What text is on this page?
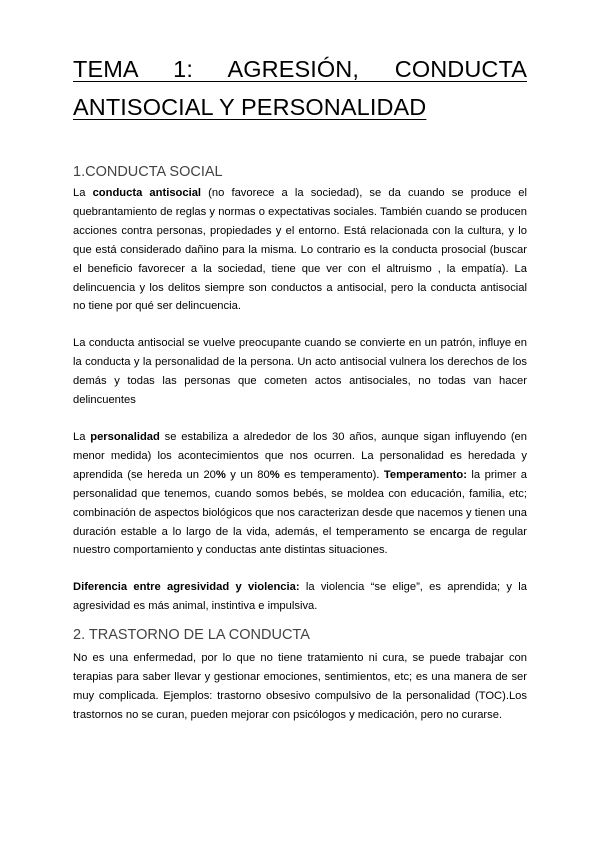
TEMA 1: AGRESIÓN, CONDUCTA
ANTISOCIAL Y PERSONALIDAD
1.CONDUCTA SOCIAL

La conducta antisocial (no favorece a la sociedad), se da cuando se produce el quebrantamiento de reglas y normas o expectativas sociales. También cuando se producen acciones contra personas, propiedades y el entorno. Está relacionada con la cultura, y lo que está considerado dañino para la misma. Lo contrario es la conducta prosocial (buscar el beneficio favorecer a la sociedad, tiene que ver con el altruismo , la empatía). La delincuencia y los delitos siempre son conductos a antisocial, pero la conducta antisocial no tiene por qué ser delincuencia.

La conducta antisocial se vuelve preocupante cuando se convierte en un patrón, influye en la conducta y la personalidad de la persona. Un acto antisocial vulnera los derechos de los demás y todas las personas que cometen actos antisociales, no todas van hacer delincuentes

La personalidad se estabiliza a alrededor de los 30 años, aunque sigan influyendo (en menor medida) los acontecimientos que nos ocurren. La personalidad es heredada y aprendida (se hereda un 20% y un 80% es temperamento). Temperamento: la primer a personalidad que tenemos, cuando somos bebés, se moldea con educación, familia, etc; combinación de aspectos biológicos que nos caracterizan desde que nacemos y tienen una duración estable a lo largo de la vida, además, el temperamento se encarga de regular nuestro comportamiento y conductas ante distintas situaciones.

Diferencia entre agresividad y violencia: la violencia “se elige”, es aprendida; y la agresividad es más animal, instintiva e impulsiva.

2. TRASTORNO DE LA CONDUCTA

No es una enfermedad, por lo que no tiene tratamiento ni cura, se puede trabajar con terapias para saber llevar y gestionar emociones, sentimientos, etc; es una manera de ser muy complicada. Ejemplos: trastorno obsesivo compulsivo de la personalidad (TOC).Los trastornos no se curan, pueden mejorar con psicólogos y medicación, pero no curarse.
